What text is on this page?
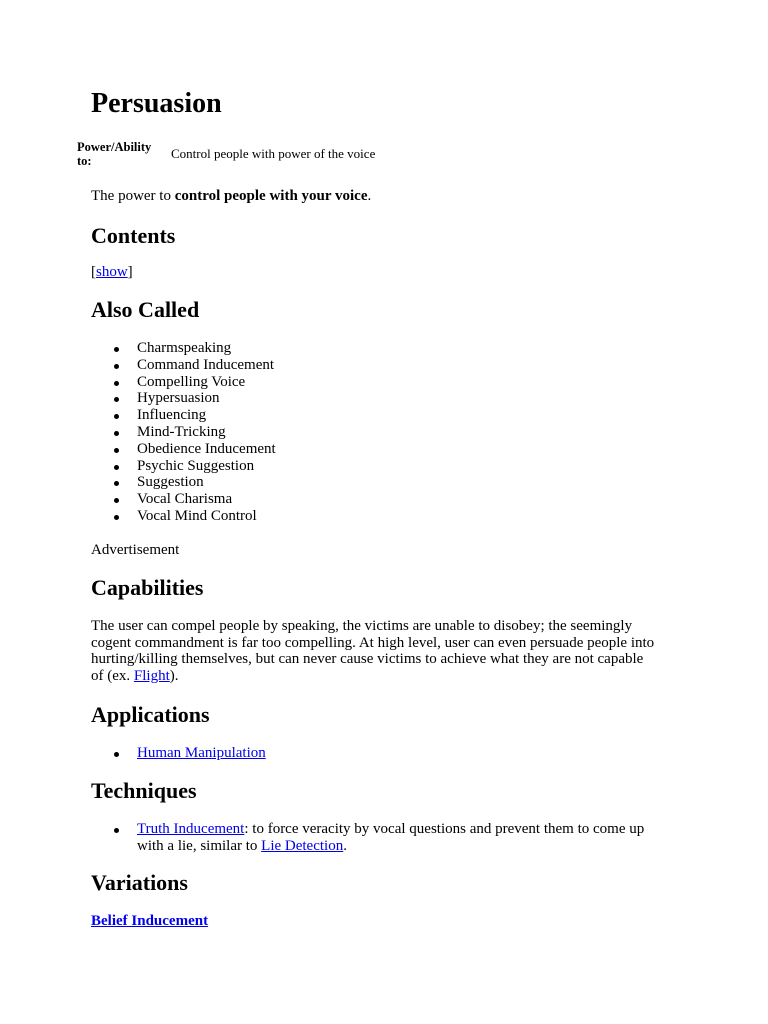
Persuasion
Power/Ability to:	Control people with power of the voice
The power to control people with your voice.
Contents
[show]
Also Called
Charmspeaking
Command Inducement
Compelling Voice
Hypersuasion
Influencing
Mind-Tricking
Obedience Inducement
Psychic Suggestion
Suggestion
Vocal Charisma
Vocal Mind Control
Advertisement
Capabilities
The user can compel people by speaking, the victims are unable to disobey; the seemingly
cogent commandment is far too compelling. At high level, user can even persuade people into
hurting/killing themselves, but can never cause victims to achieve what they are not capable
of (ex. Flight).
Applications
Human Manipulation
Techniques
Truth Inducement: to force veracity by vocal questions and prevent them to come up
with a lie, similar to Lie Detection.
Variations
Belief Inducement
